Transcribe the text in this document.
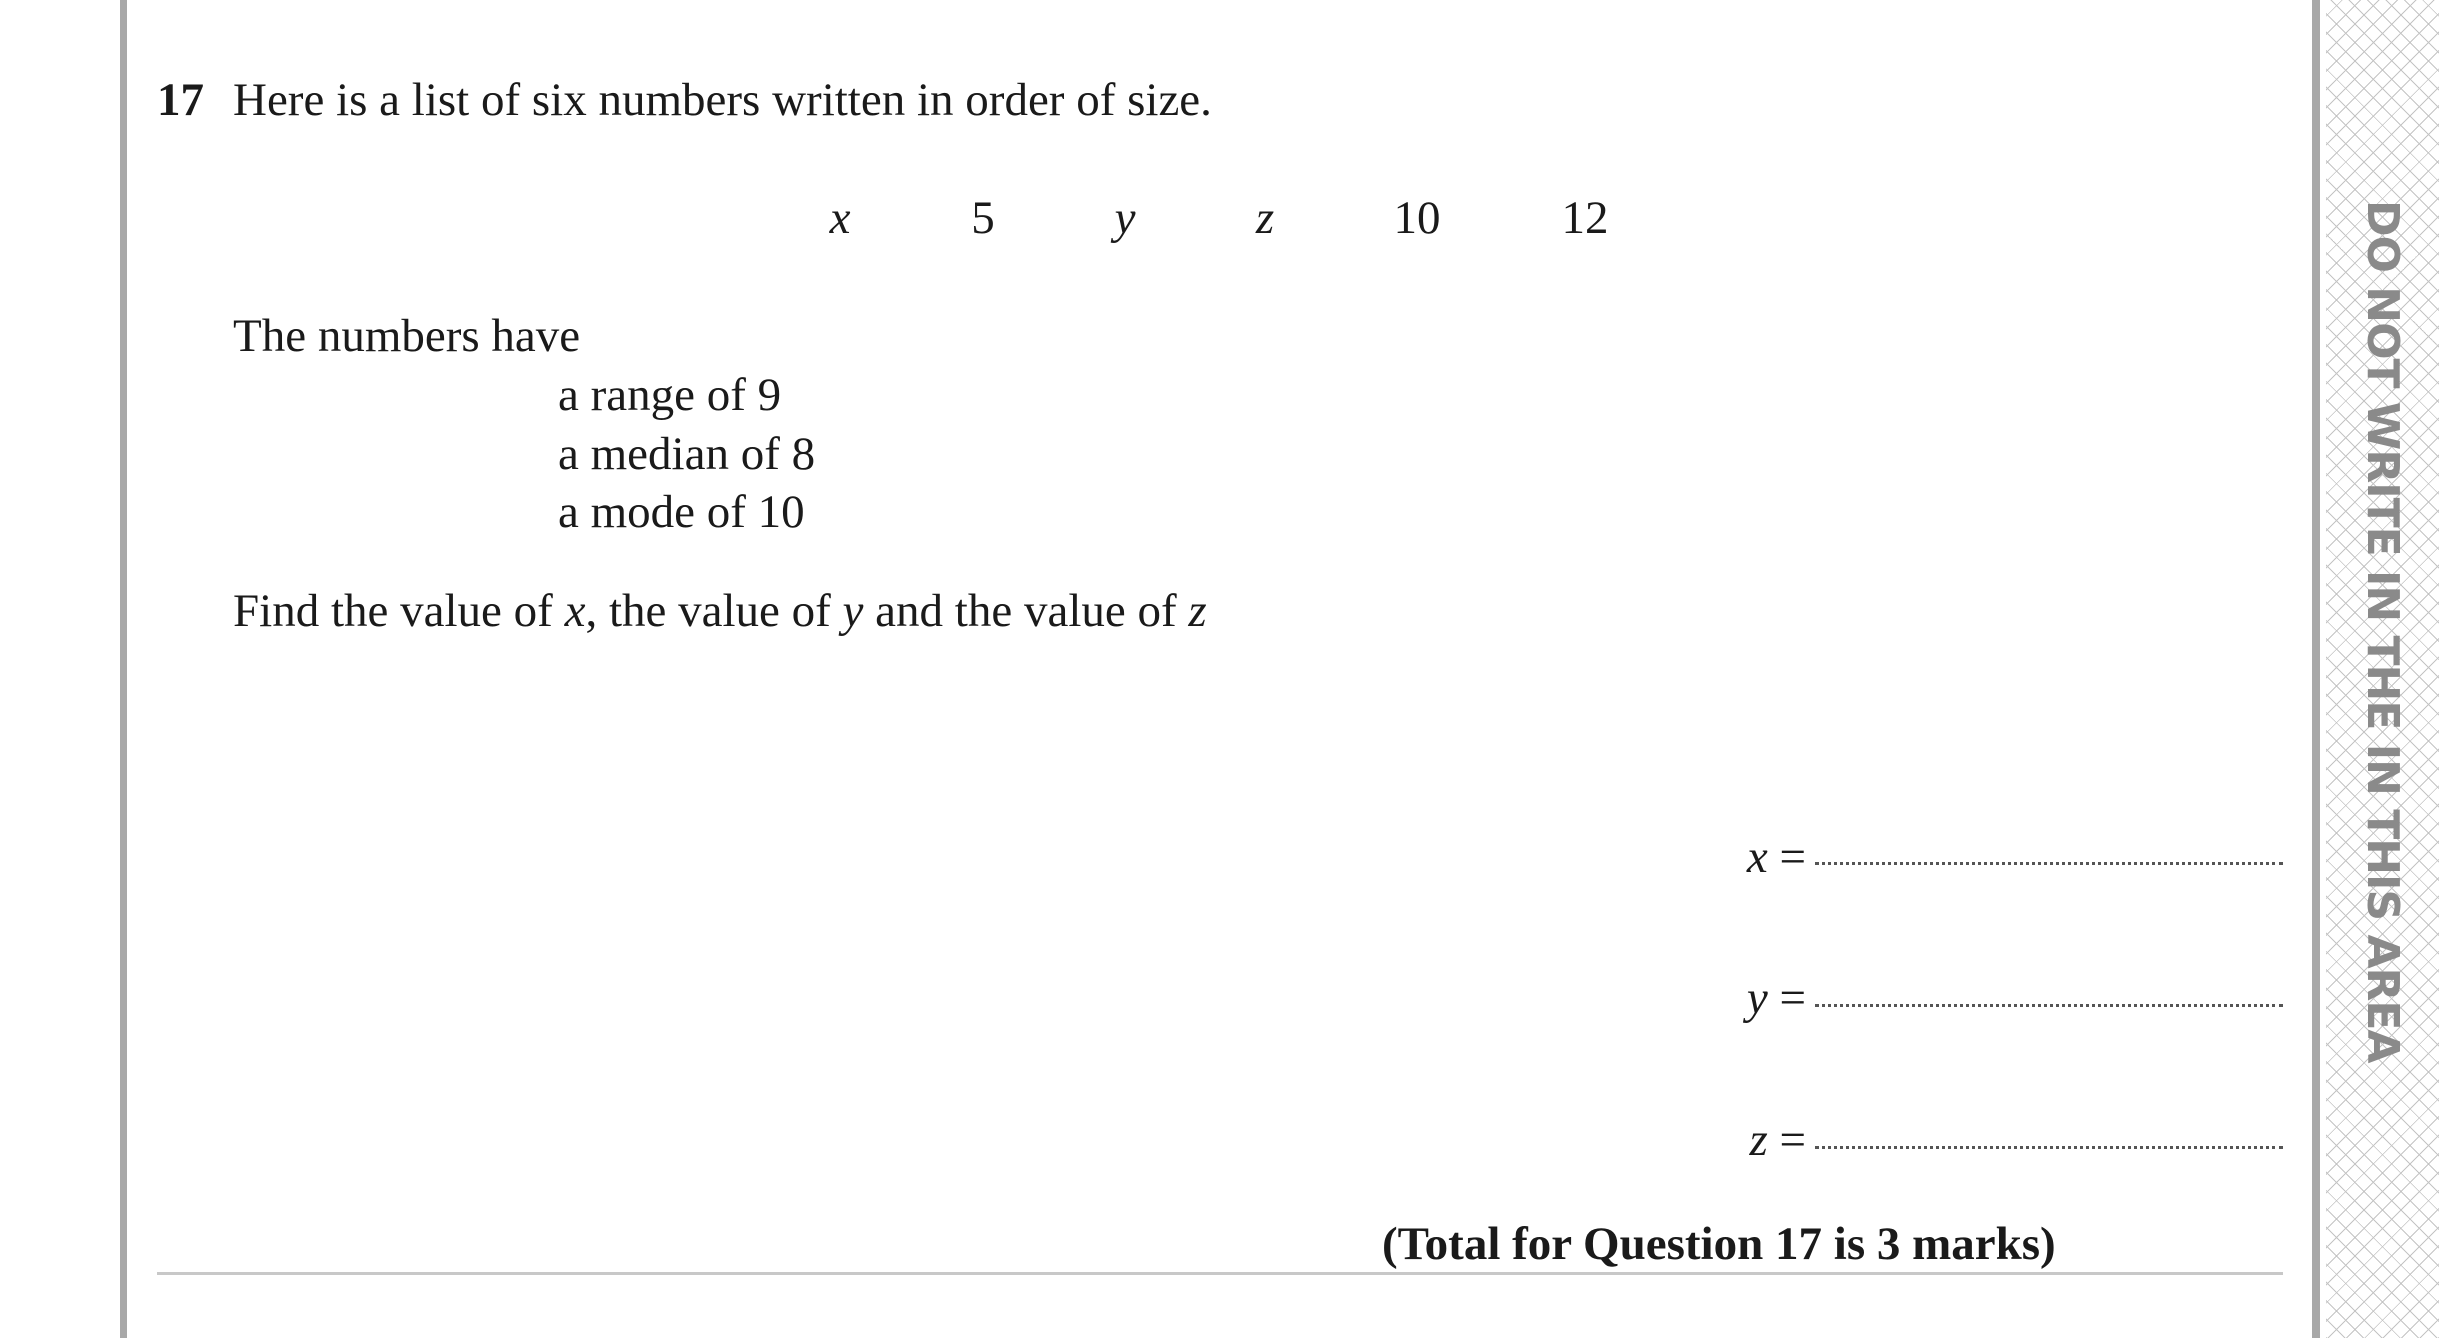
DO NOT WRITE IN THE IN THIS AREA
17 Here is a list of six numbers written in order of size.
x	5	y	z	10	12
The numbers have
a range of 9
a median of 8
a mode of 10
Find the value of x, the value of y and the value of z
x =
y =
z =
(Total for Question 17 is 3 marks)
